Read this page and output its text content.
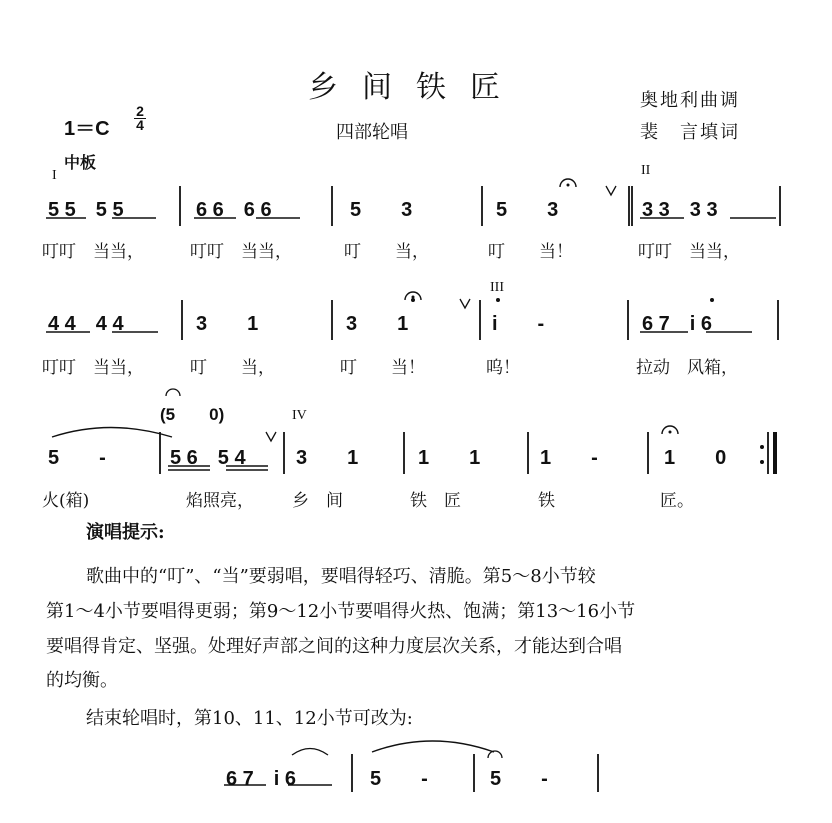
乡间铁匠
四部轮唱
奥地利曲调
裴　言填词
1＝C
2
4
中板
I	II
III
IV
5 5　5 5	6 6　6 6	5　　3	5　　3	3 3　3 3
叮叮　当当，	叮叮　当当，	叮　　当，	叮　　当！	叮叮　当当，
4 4　4 4	3　　1	3　　1	i　　-	6 7　i 6
叮叮　当当，	叮　　当，	叮　　当！	呜！	拉动　风箱，
(5　　0)
5　　-	5 6　5 4	3　　1	1　　1	1　　-	1　　0
火(箱)	焰照亮， 乡　间	铁　匠	铁	匠。
演唱提示:
歌曲中的“叮”、“当”要弱唱，要唱得轻巧、清脆。第5～8小节较
第1～4小节要唱得更弱；第9～12小节要唱得火热、饱满；第13～16小节
要唱得肯定、坚强。处理好声部之间的这种力度层次关系，才能达到合唱
的均衡。
结束轮唱时，第10、11、12小节可改为:
6 7　i 6	5　　-	5　　-
